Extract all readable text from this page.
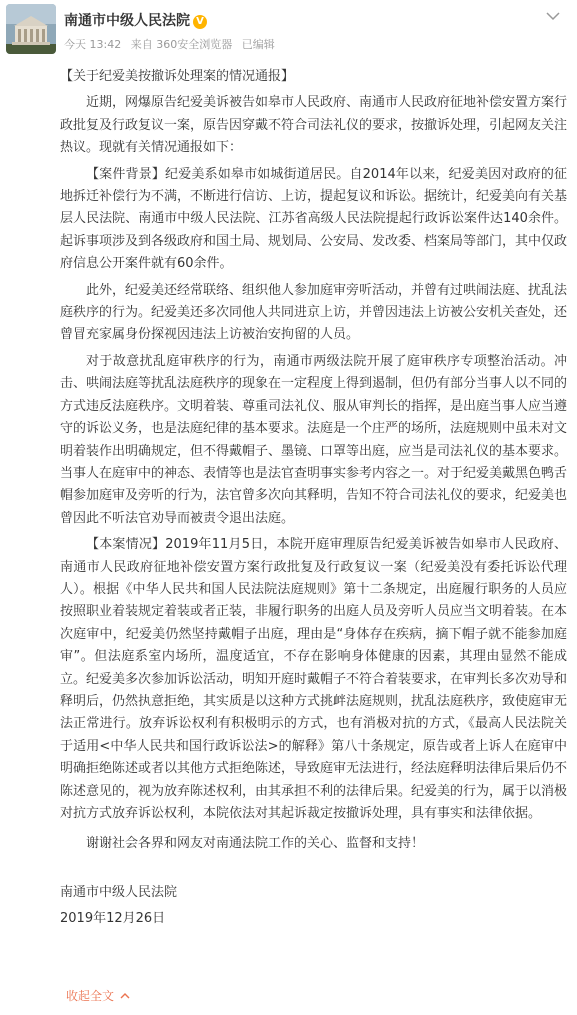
南通市中级人民法院 V
今天 13:42 来自 360安全浏览器 已编辑

【关于纪爱美按撤诉处理案的情况通报】

近期，网爆原告纪爱美诉被告如皋市人民政府、南通市人民政府征地补偿安置方案行政批复及行政复议一案，原告因穿戴不符合司法礼仪的要求，按撤诉处理，引起网友关注热议。现就有关情况通报如下：

【案件背景】纪爱美系如皋市如城街道居民。自2014年以来，纪爱美因对政府的征地拆迁补偿行为不满，不断进行信访、上访，提起复议和诉讼。据统计，纪爱美向有关基层人民法院、南通市中级人民法院、江苏省高级人民法院提起行政诉讼案件达140余件。起诉事项涉及到各级政府和国土局、规划局、公安局、发改委、档案局等部门，其中仅政府信息公开案件就有60余件。

此外，纪爱美还经常联络、组织他人参加庭审旁听活动，并曾有过哄闹法庭、扰乱法庭秩序的行为。纪爱美还多次同他人共同进京上访，并曾因违法上访被公安机关查处，还曾冒充家属身份探视因违法上访被治安拘留的人员。

对于故意扰乱庭审秩序的行为，南通市两级法院开展了庭审秩序专项整治活动。冲击、哄闹法庭等扰乱法庭秩序的现象在一定程度上得到遏制，但仍有部分当事人以不同的方式违反法庭秩序。文明着装、尊重司法礼仪、服从审判长的指挥，是出庭当事人应当遵守的诉讼义务，也是法庭纪律的基本要求。法庭是一个庄严的场所，法庭规则中虽未对文明着装作出明确规定，但不得戴帽子、墨镜、口罩等出庭，应当是司法礼仪的基本要求。当事人在庭审中的神态、表情等也是法官查明事实参考内容之一。对于纪爱美戴黑色鸭舌帽参加庭审及旁听的行为，法官曾多次向其释明，告知不符合司法礼仪的要求，纪爱美也曾因此不听法官劝导而被责令退出法庭。

【本案情况】2019年11月5日，本院开庭审理原告纪爱美诉被告如皋市人民政府、南通市人民政府征地补偿安置方案行政批复及行政复议一案（纪爱美没有委托诉讼代理人）。根据《中华人民共和国人民法院法庭规则》第十二条规定，出庭履行职务的人员应按照职业着装规定着装或者正装，非履行职务的出庭人员及旁听人员应当文明着装。在本次庭审中，纪爱美仍然坚持戴帽子出庭，理由是“身体存在疾病，摘下帽子就不能参加庭审”。但法庭系室内场所，温度适宜，不存在影响身体健康的因素，其理由显然不能成立。纪爱美多次参加诉讼活动，明知开庭时戴帽子不符合着装要求，在审判长多次劝导和释明后，仍然执意拒绝，其实质是以这种方式挑衅法庭规则，扰乱法庭秩序，致使庭审无法正常进行。放弃诉讼权利有积极明示的方式，也有消极对抗的方式，《最高人民法院关于适用<中华人民共和国行政诉讼法>的解释》第八十条规定，原告或者上诉人在庭审中明确拒绝陈述或者以其他方式拒绝陈述，导致庭审无法进行，经法庭释明法律后果后仍不陈述意见的，视为放弃陈述权利，由其承担不利的法律后果。纪爱美的行为，属于以消极对抗方式放弃诉讼权利，本院依法对其起诉裁定按撤诉处理，具有事实和法律依据。

谢谢社会各界和网友对南通法院工作的关心、监督和支持！

南通市中级人民法院

2019年12月26日

收起全文
